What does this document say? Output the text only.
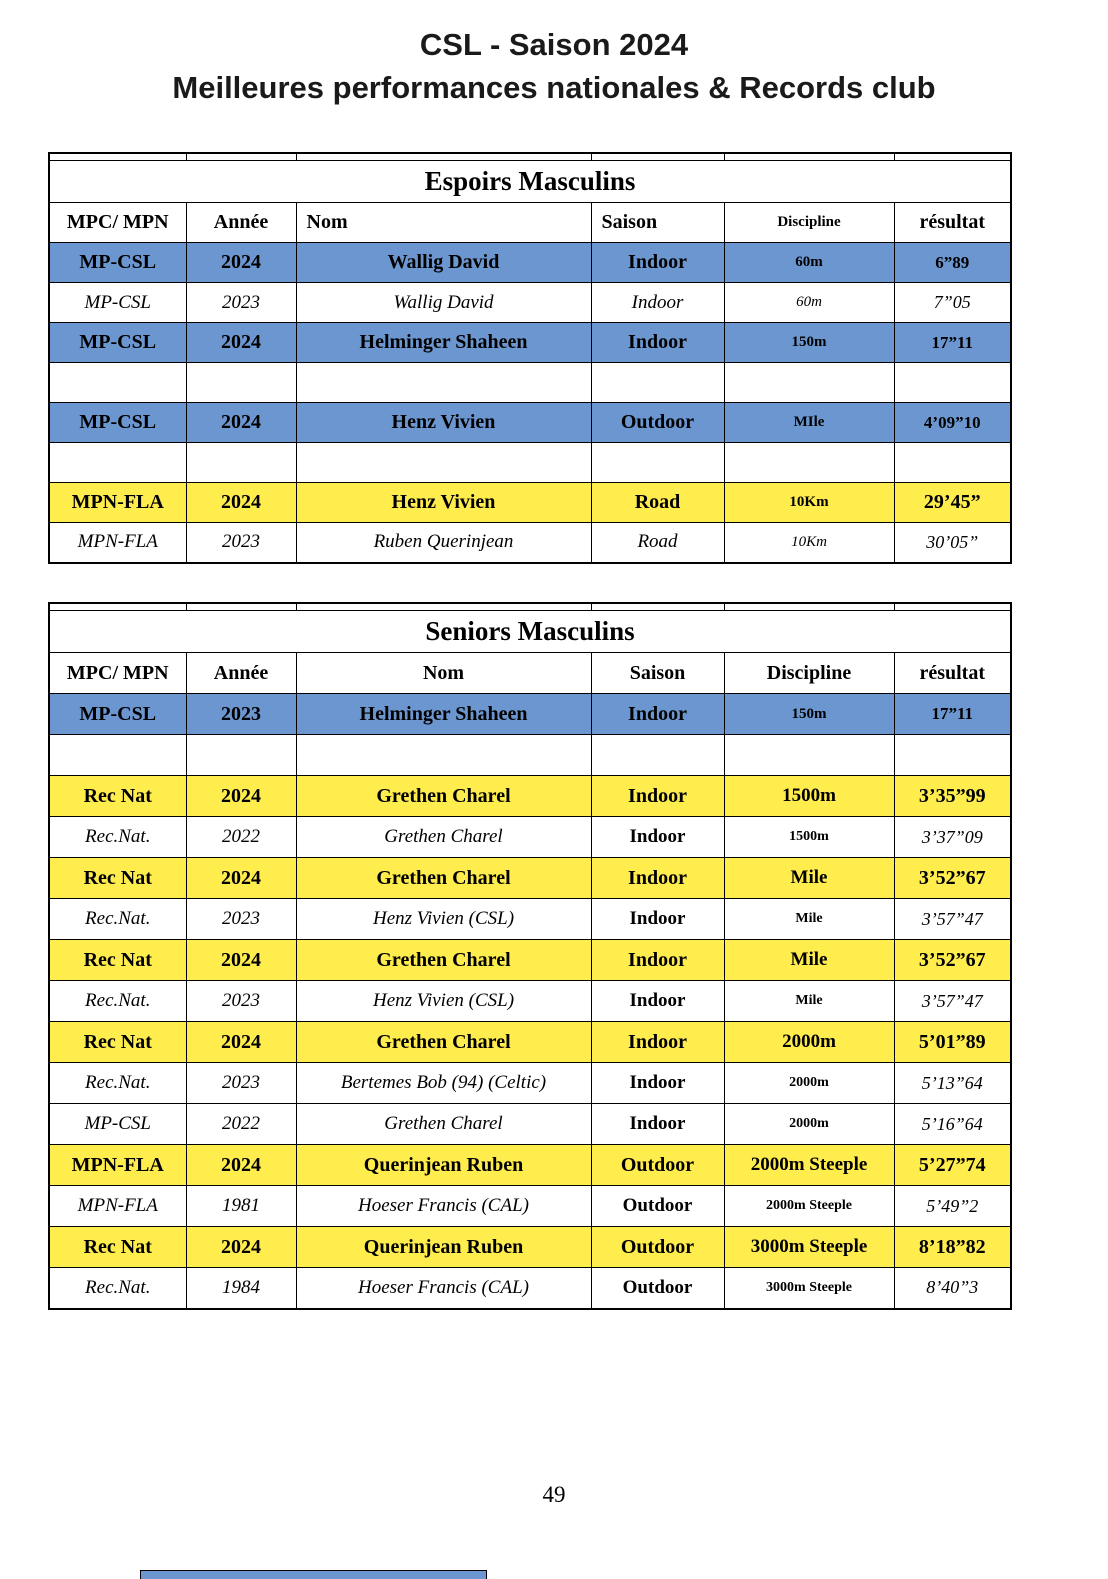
CSL - Saison 2024
Meilleures performances nationales & Records club

Espoirs Masculins					
MPC/ MPN	Année	Nom	Saison	Discipline	résultat
MP-CSL	2024	Wallig David	Indoor	60m	6”89
MP-CSL	2023	Wallig David	Indoor	60m	7”05
MP-CSL	2024	Helminger Shaheen	Indoor	150m	17”11

MP-CSL	2024	Henz Vivien	Outdoor	MIle	4’09”10

MPN-FLA	2024	Henz Vivien	Road	10Km	29’45”
MPN-FLA	2023	Ruben Querinjean	Road	10Km	30’05”

Seniors Masculins					
MPC/ MPN	Année	Nom	Saison	Discipline	résultat
MP-CSL	2023	Helminger Shaheen	Indoor	150m	17”11

Rec Nat	2024	Grethen Charel	Indoor	1500m	3’35”99
Rec.Nat.	2022	Grethen Charel	Indoor	1500m	3’37”09
Rec Nat	2024	Grethen Charel	Indoor	Mile	3’52”67
Rec.Nat.	2023	Henz Vivien (CSL)	Indoor	Mile	3’57”47
Rec Nat	2024	Grethen Charel	Indoor	Mile	3’52”67
Rec.Nat.	2023	Henz Vivien (CSL)	Indoor	Mile	3’57”47
Rec Nat	2024	Grethen Charel	Indoor	2000m	5’01”89
Rec.Nat.	2023	Bertemes Bob (94) (Celtic)	Indoor	2000m	5’13”64
MP-CSL	2022	Grethen Charel	Indoor	2000m	5’16”64
MPN-FLA	2024	Querinjean Ruben	Outdoor	2000m Steeple	5’27”74
MPN-FLA	1981	Hoeser Francis (CAL)	Outdoor	2000m Steeple	5’49”2
Rec Nat	2024	Querinjean Ruben	Outdoor	3000m Steeple	8’18”82
Rec.Nat.	1984	Hoeser Francis (CAL)	Outdoor	3000m Steeple	8’40”3
49
